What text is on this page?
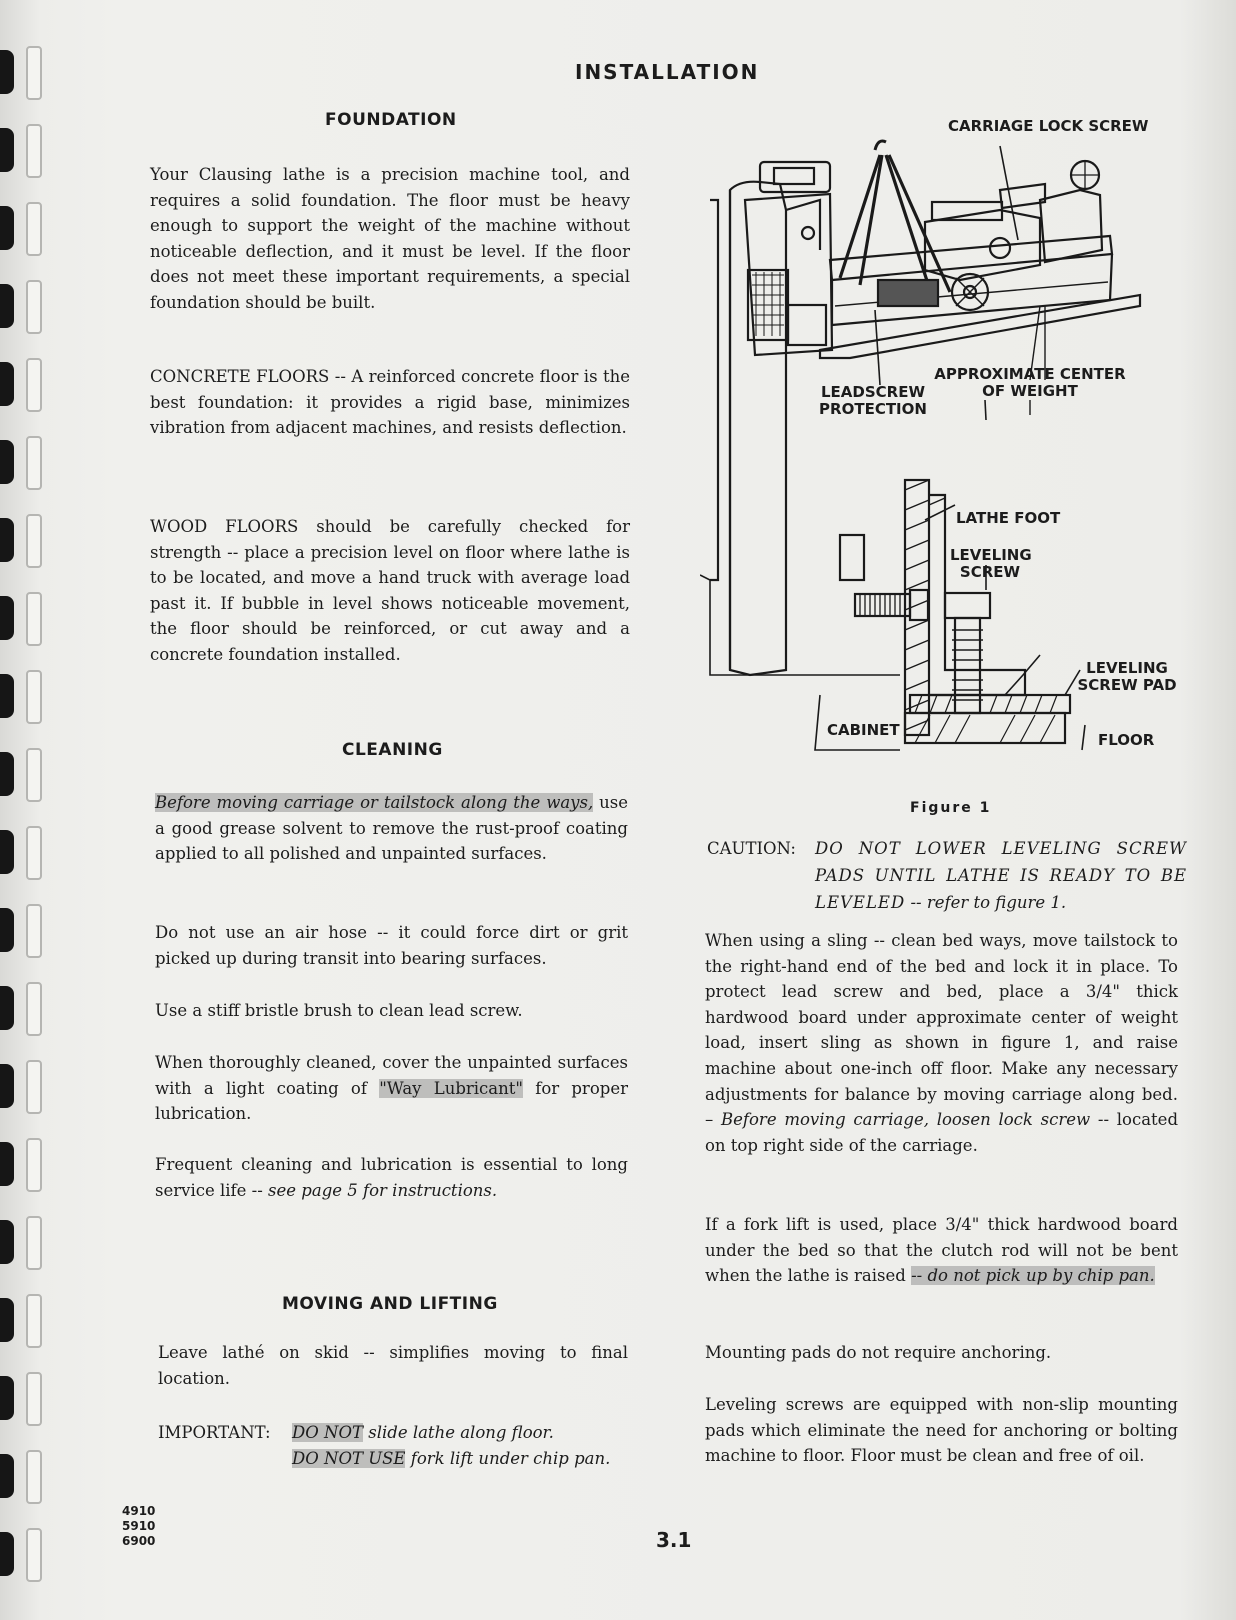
INSTALLATION
FOUNDATION

Your Clausing lathe is a precision machine tool, and requires a solid foundation. The floor must be heavy enough to support the weight of the machine without noticeable deflection, and it must be level. If the floor does not meet these important requirements, a special foundation should be built.

CONCRETE FLOORS -- A reinforced concrete floor is the best foundation: it provides a rigid base, minimizes vibration from adjacent machines, and resists deflection.

WOOD FLOORS should be carefully checked for strength -- place a precision level on floor where lathe is to be located, and move a hand truck with average load past it. If bubble in level shows noticeable movement, the floor should be reinforced, or cut away and a concrete foundation installed.

CLEANING

Before moving carriage or tailstock along the ways, use a good grease solvent to remove the rust-proof coating applied to all polished and unpainted surfaces.

Do not use an air hose -- it could force dirt or grit picked up during transit into bearing surfaces.

Use a stiff bristle brush to clean lead screw.

When thoroughly cleaned, cover the unpainted surfaces with a light coating of "Way Lubricant" for proper lubrication.

Frequent cleaning and lubrication is essential to long service life -- see page 5 for instructions.

MOVING AND LIFTING

Leave lathé on skid -- simplifies moving to final location.

IMPORTANT: DO NOT slide lathe along floor.

DO NOT USE fork lift under chip pan.

CARRIAGE LOCK SCREW
APPROXIMATE CENTER OF WEIGHT
LEADSCREW PROTECTION
LATHE FOOT
LEVELING SCREW
LEVELING SCREW PAD
CABINET
FLOOR
Figure 1
CAUTION: DO NOT LOWER LEVELING SCREW PADS UNTIL LATHE IS READY TO BE LEVELED -- refer to figure 1.

When using a sling -- clean bed ways, move tailstock to the right-hand end of the bed and lock it in place. To protect lead screw and bed, place a 3/4" thick hardwood board under approximate center of weight load, insert sling as shown in figure 1, and raise machine about one-inch off floor. Make any necessary adjustments for balance by moving carriage along bed. – Before moving carriage, loosen lock screw -- located on top right side of the carriage.

If a fork lift is used, place 3/4" thick hardwood board under the bed so that the clutch rod will not be bent when the lathe is raised -- do not pick up by chip pan.

Mounting pads do not require anchoring.

Leveling screws are equipped with non-slip mounting pads which eliminate the need for anchoring or bolting machine to floor. Floor must be clean and free of oil.

4910
5910
6900	3.1
